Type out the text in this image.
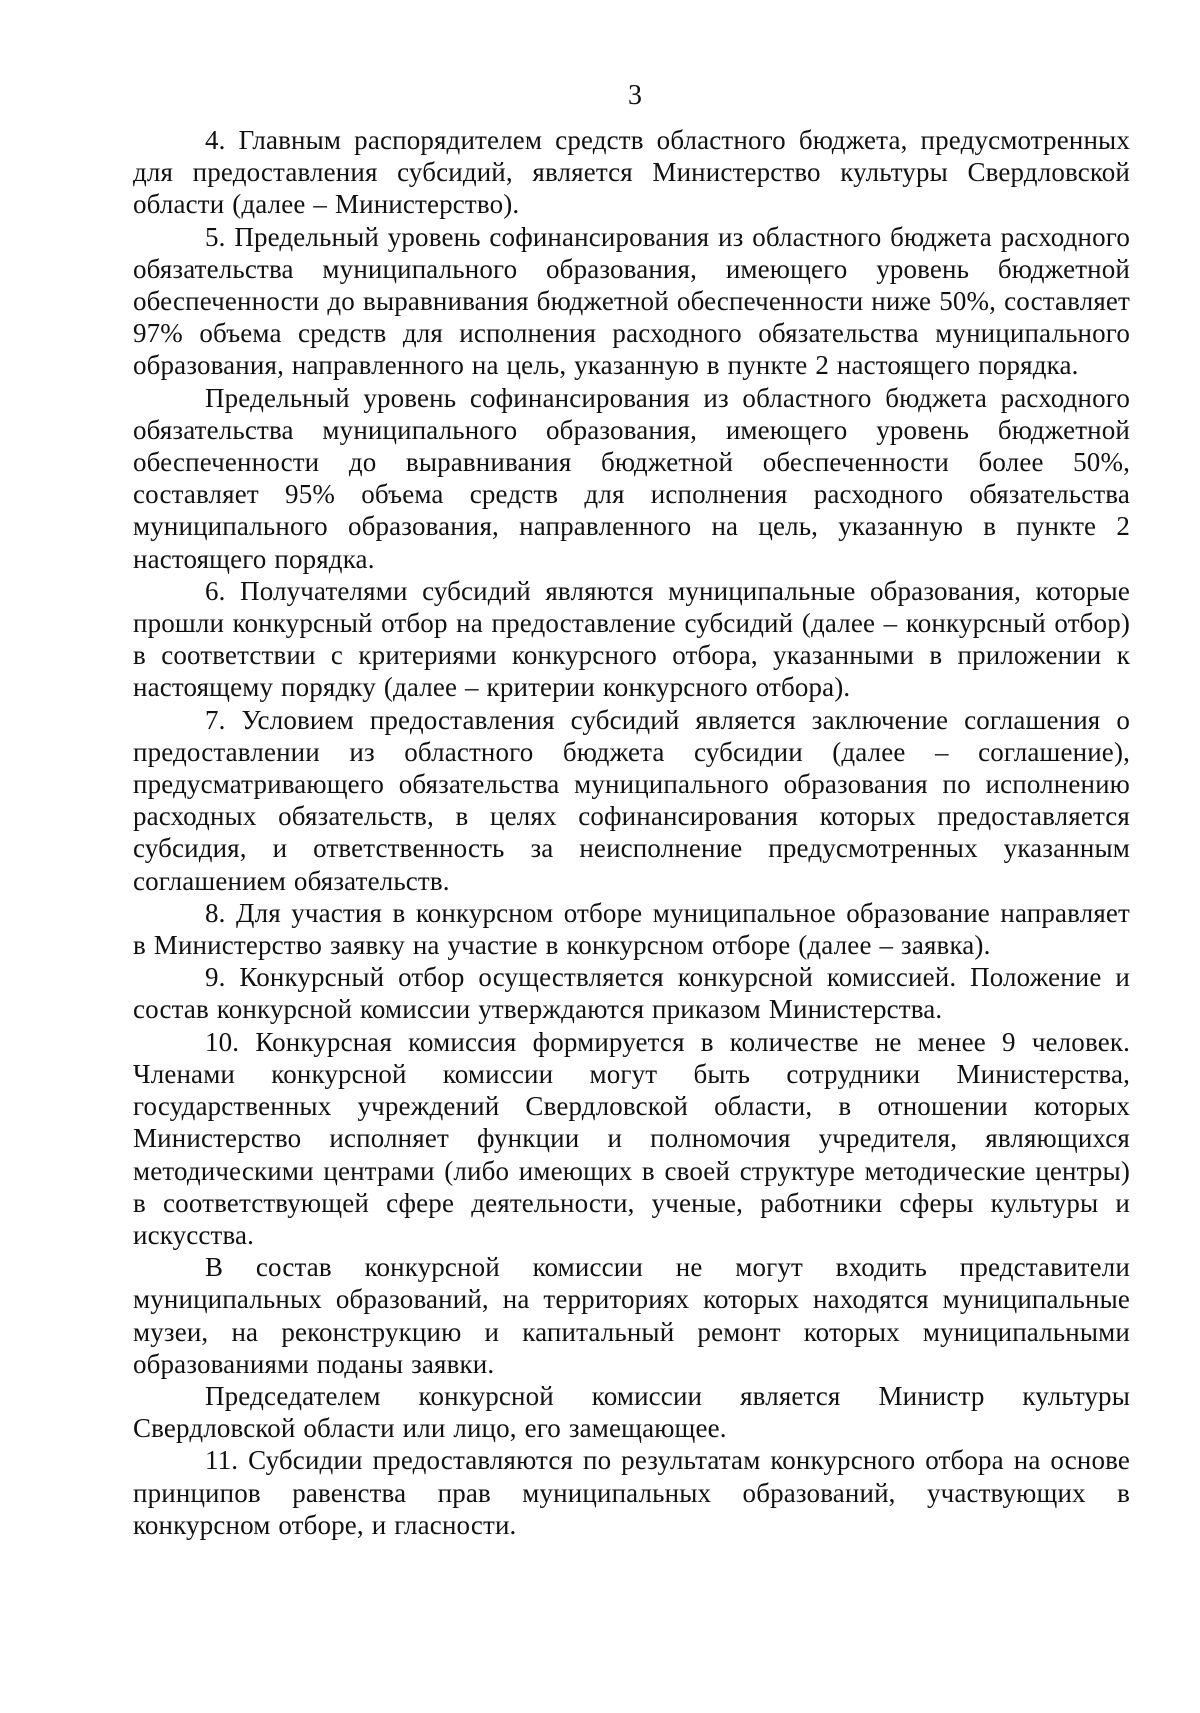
3

4. Главным распорядителем средств областного бюджета, предусмотренных для предоставления субсидий, является Министерство культуры Свердловской области (далее – Министерство).

5. Предельный уровень софинансирования из областного бюджета расходного обязательства муниципального образования, имеющего уровень бюджетной обеспеченности до выравнивания бюджетной обеспеченности ниже 50%, составляет 97% объема средств для исполнения расходного обязательства муниципального образования, направленного на цель, указанную в пункте 2 настоящего порядка.

Предельный уровень софинансирования из областного бюджета расходного обязательства муниципального образования, имеющего уровень бюджетной обеспеченности до выравнивания бюджетной обеспеченности более 50%, составляет 95% объема средств для исполнения расходного обязательства муниципального образования, направленного на цель, указанную в пункте 2 настоящего порядка.

6. Получателями субсидий являются муниципальные образования, которые прошли конкурсный отбор на предоставление субсидий (далее – конкурсный отбор) в соответствии с критериями конкурсного отбора, указанными в приложении к настоящему порядку (далее – критерии конкурсного отбора).

7. Условием предоставления субсидий является заключение соглашения о предоставлении из областного бюджета субсидии (далее – соглашение), предусматривающего обязательства муниципального образования по исполнению расходных обязательств, в целях софинансирования которых предоставляется субсидия, и ответственность за неисполнение предусмотренных указанным соглашением обязательств.

8. Для участия в конкурсном отборе муниципальное образование направляет в Министерство заявку на участие в конкурсном отборе (далее – заявка).

9. Конкурсный отбор осуществляется конкурсной комиссией. Положение и состав конкурсной комиссии утверждаются приказом Министерства.

10. Конкурсная комиссия формируется в количестве не менее 9 человек. Членами конкурсной комиссии могут быть сотрудники Министерства, государственных учреждений Свердловской области, в отношении которых Министерство исполняет функции и полномочия учредителя, являющихся методическими центрами (либо имеющих в своей структуре методические центры) в соответствующей сфере деятельности, ученые, работники сферы культуры и искусства.

В состав конкурсной комиссии не могут входить представители муниципальных образований, на территориях которых находятся муниципальные музеи, на реконструкцию и капитальный ремонт которых муниципальными образованиями поданы заявки.

Председателем конкурсной комиссии является Министр культуры Свердловской области или лицо, его замещающее.

11. Субсидии предоставляются по результатам конкурсного отбора на основе принципов равенства прав муниципальных образований, участвующих в конкурсном отборе, и гласности.
